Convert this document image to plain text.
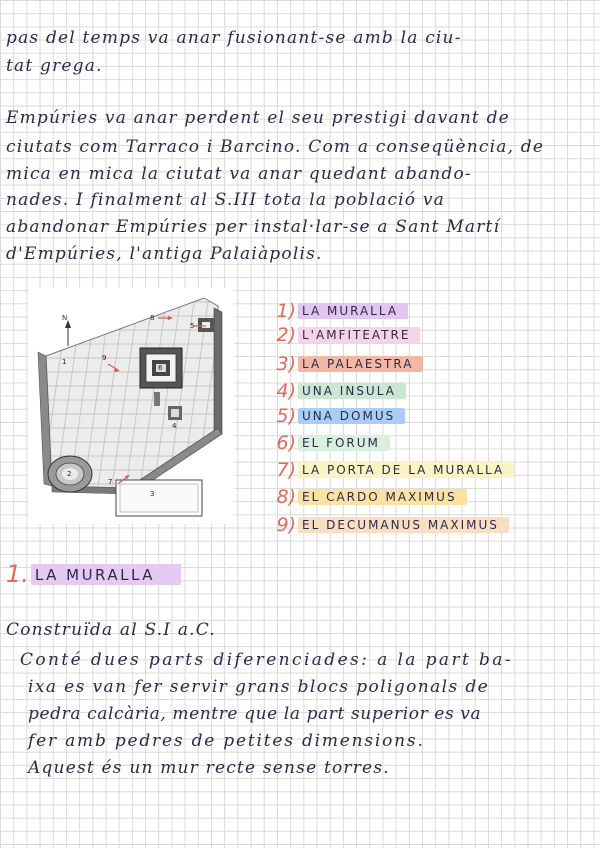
pas del temps va anar fusionant-se amb la ciu-
tat grega.
Empúries va anar perdent el seu prestigi davant de
ciutats com Tarraco i Barcino. Com a conseqüència, de
mica en mica la ciutat va anar quedant abando-
nades. I finalment al S.III tota la població va
abandonar Empúries per instal·lar-se a Sant Martí
d'Empúries, l'antiga Palaiàpolis.
N
1
2
3
4
5
6
7
8
9
1) LA MURALLA
2) L'AMFITEATRE
3) LA PALAESTRA
4) UNA INSULA
5) UNA DOMUS
6) EL FORUM
7) LA PORTA DE LA MURALLA
8) EL CARDO MAXIMUS
9) EL DECUMANUS MAXIMUS
1. LA MURALLA
Construïda al S.I a.C.
Conté dues parts diferenciades: a la part ba-
ixa es van fer servir grans blocs poligonals de
pedra calcària, mentre que la part superior es va
fer amb pedres de petites dimensions.
Aquest és un mur recte sense torres.
